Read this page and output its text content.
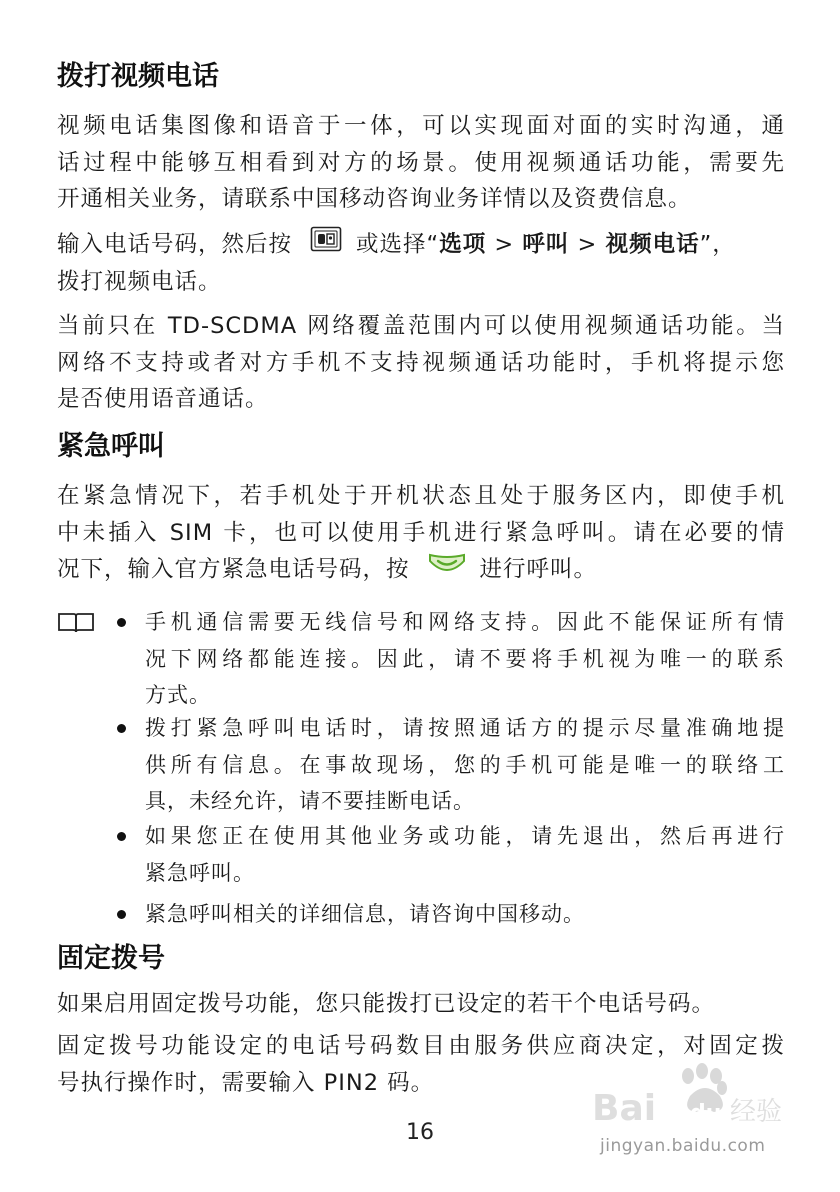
拨打视频电话
视频电话集图像和语音于一体，可以实现面对面的实时沟通，通
话过程中能够互相看到对方的场景。使用视频通话功能，需要先
开通相关业务，请联系中国移动咨询业务详情以及资费信息。
输入电话号码，然后按	或选择“选项 > 呼叫 > 视频电话”，
拨打视频电话。
当前只在 TD-SCDMA 网络覆盖范围内可以使用视频通话功能。当
网络不支持或者对方手机不支持视频通话功能时，手机将提示您
是否使用语音通话。
紧急呼叫
在紧急情况下，若手机处于开机状态且处于服务区内，即使手机
中未插入 SIM 卡，也可以使用手机进行紧急呼叫。请在必要的情
况下，输入官方紧急电话号码，按	进行呼叫。
手机通信需要无线信号和网络支持。因此不能保证所有情
况下网络都能连接。因此，请不要将手机视为唯一的联系
方式。
拨打紧急呼叫电话时，请按照通话方的提示尽量准确地提
供所有信息。在事故现场，您的手机可能是唯一的联络工
具，未经允许，请不要挂断电话。
如果您正在使用其他业务或功能，请先退出，然后再进行
紧急呼叫。
紧急呼叫相关的详细信息，请咨询中国移动。
固定拨号
如果启用固定拨号功能，您只能拨打已设定的若干个电话号码。
固定拨号功能设定的电话号码数目由服务供应商决定，对固定拨
号执行操作时，需要输入 PIN2 码。
Bai du 经验
jingyan.baidu.com
16
